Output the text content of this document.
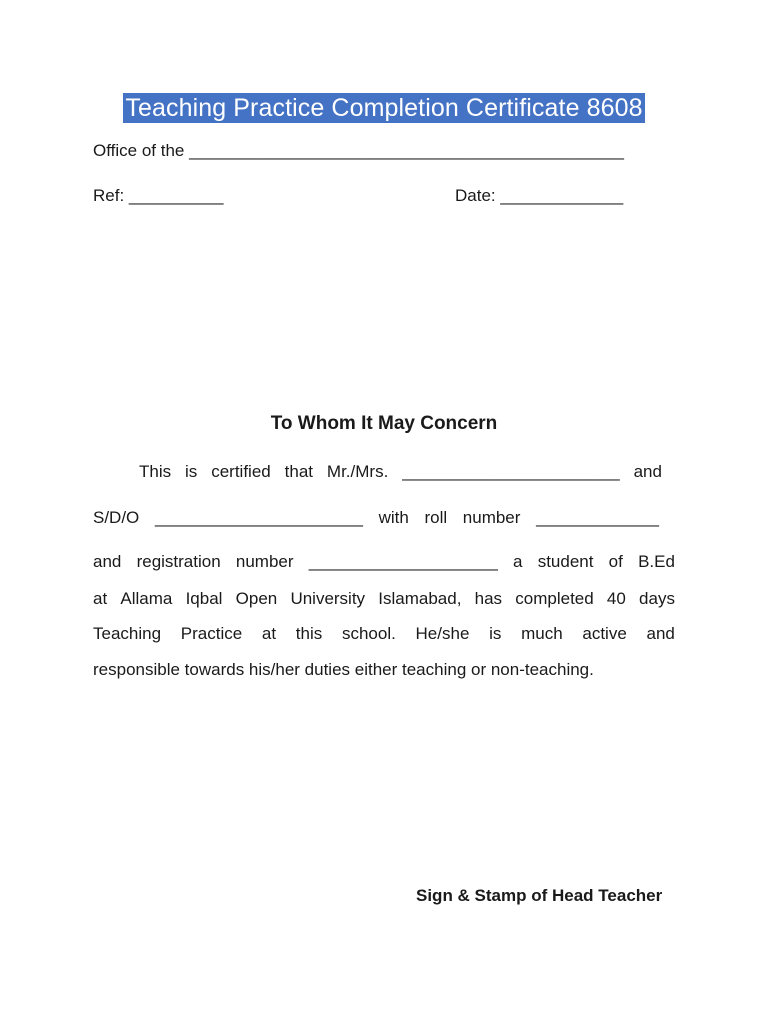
Teaching Practice Completion Certificate 8608
Office of the ______________________________________________
Ref: __________	Date: _____________
To Whom It May Concern
This is certified that Mr./Mrs. _______________________ and
S/D/O ______________________ with roll number _____________
and registration number ____________________ a student of B.Ed
at Allama Iqbal Open University Islamabad, has completed 40 days
Teaching Practice at this school. He/she is much active and
responsible towards his/her duties either teaching or non-teaching.
Sign & Stamp of Head Teacher
